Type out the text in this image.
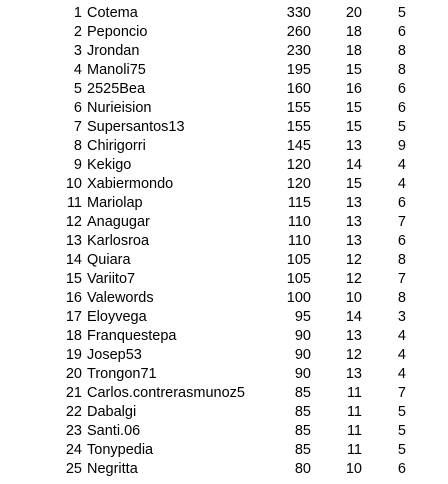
1 Cotema	330 20 5
2 Peponcio	260 18 6
3 Jrondan	230 18 8
4 Manoli75	195 15 8
5 2525Bea	160 16 6
6 Nurieision	155 15 6
7 Supersantos13	155 15 5
8 Chirigorri	145 13 9
9 Kekigo	120 14 4
10 Xabiermondo	120 15 4
11 Mariolap	115 13 6
12 Anagugar	110 13 7
13 Karlosroa	110 13 6
14 Quiara	105 12 8
15 Variito7	105 12 7
16 Valewords	100 10 8
17 Eloyvega	95 14 3
18 Franquestepa	90 13 4
19 Josep53	90 12 4
20 Trongon71	90 13 4
21 Carlos.contrerasmunoz5	85 11 7
22 Dabalgi	85 11 5
23 Santi.06	85 11 5
24 Tonypedia	85 11 5
25 Negritta	80 10 6
